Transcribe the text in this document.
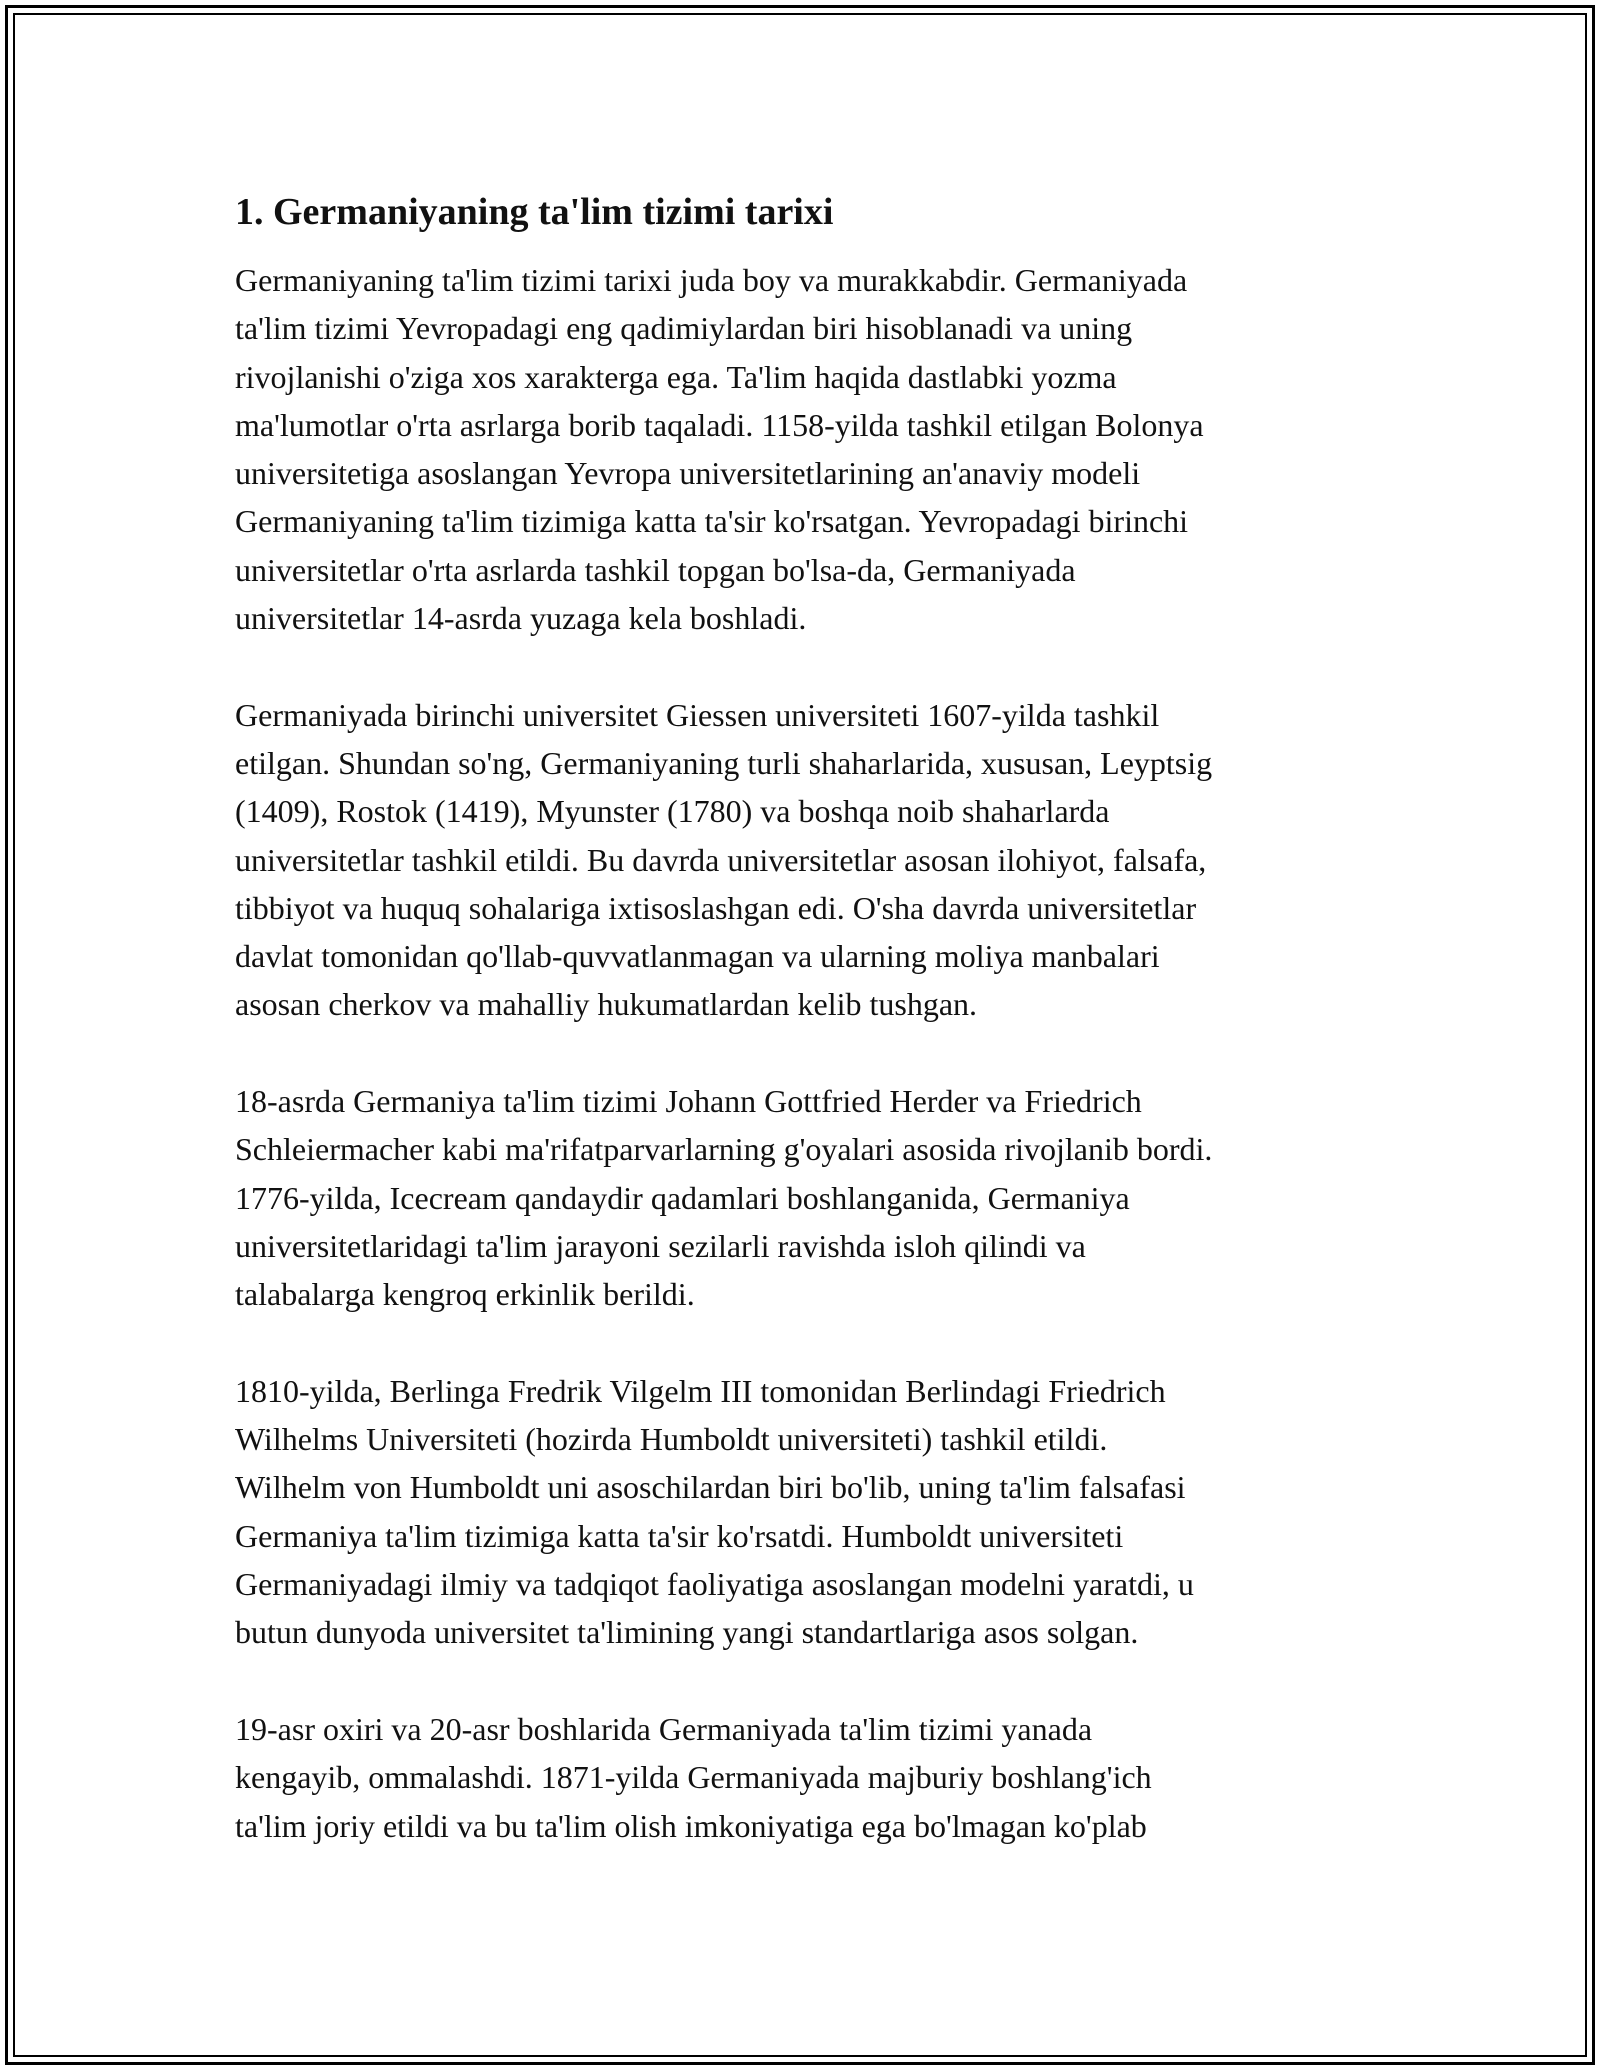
1. Germaniyaning ta'lim tizimi tarixi

Germaniyaning ta'lim tizimi tarixi juda boy va murakkabdir. Germaniyada
ta'lim tizimi Yevropadagi eng qadimiylardan biri hisoblanadi va uning
rivojlanishi o'ziga xos xarakterga ega. Ta'lim haqida dastlabki yozma
ma'lumotlar o'rta asrlarga borib taqaladi. 1158-yilda tashkil etilgan Bolonya
universitetiga asoslangan Yevropa universitetlarining an'anaviy modeli
Germaniyaning ta'lim tizimiga katta ta'sir ko'rsatgan. Yevropadagi birinchi
universitetlar o'rta asrlarda tashkil topgan bo'lsa-da, Germaniyada
universitetlar 14-asrda yuzaga kela boshladi.

Germaniyada birinchi universitet Giessen universiteti 1607-yilda tashkil
etilgan. Shundan so'ng, Germaniyaning turli shaharlarida, xususan, Leyptsig
(1409), Rostok (1419), Myunster (1780) va boshqa noib shaharlarda
universitetlar tashkil etildi. Bu davrda universitetlar asosan ilohiyot, falsafa,
tibbiyot va huquq sohalariga ixtisoslashgan edi. O'sha davrda universitetlar
davlat tomonidan qo'llab-quvvatlanmagan va ularning moliya manbalari
asosan cherkov va mahalliy hukumatlardan kelib tushgan.

18-asrda Germaniya ta'lim tizimi Johann Gottfried Herder va Friedrich
Schleiermacher kabi ma'rifatparvarlarning g'oyalari asosida rivojlanib bordi.
1776-yilda, Icecream qandaydir qadamlari boshlanganida, Germaniya
universitetlaridagi ta'lim jarayoni sezilarli ravishda isloh qilindi va
talabalarga kengroq erkinlik berildi.

1810-yilda, Berlinga Fredrik Vilgelm III tomonidan Berlindagi Friedrich
Wilhelms Universiteti (hozirda Humboldt universiteti) tashkil etildi.
Wilhelm von Humboldt uni asoschilardan biri bo'lib, uning ta'lim falsafasi
Germaniya ta'lim tizimiga katta ta'sir ko'rsatdi. Humboldt universiteti
Germaniyadagi ilmiy va tadqiqot faoliyatiga asoslangan modelni yaratdi, u
butun dunyoda universitet ta'limining yangi standartlariga asos solgan.

19-asr oxiri va 20-asr boshlarida Germaniyada ta'lim tizimi yanada
kengayib, ommalashdi. 1871-yilda Germaniyada majburiy boshlang'ich
ta'lim joriy etildi va bu ta'lim olish imkoniyatiga ega bo'lmagan ko'plab
